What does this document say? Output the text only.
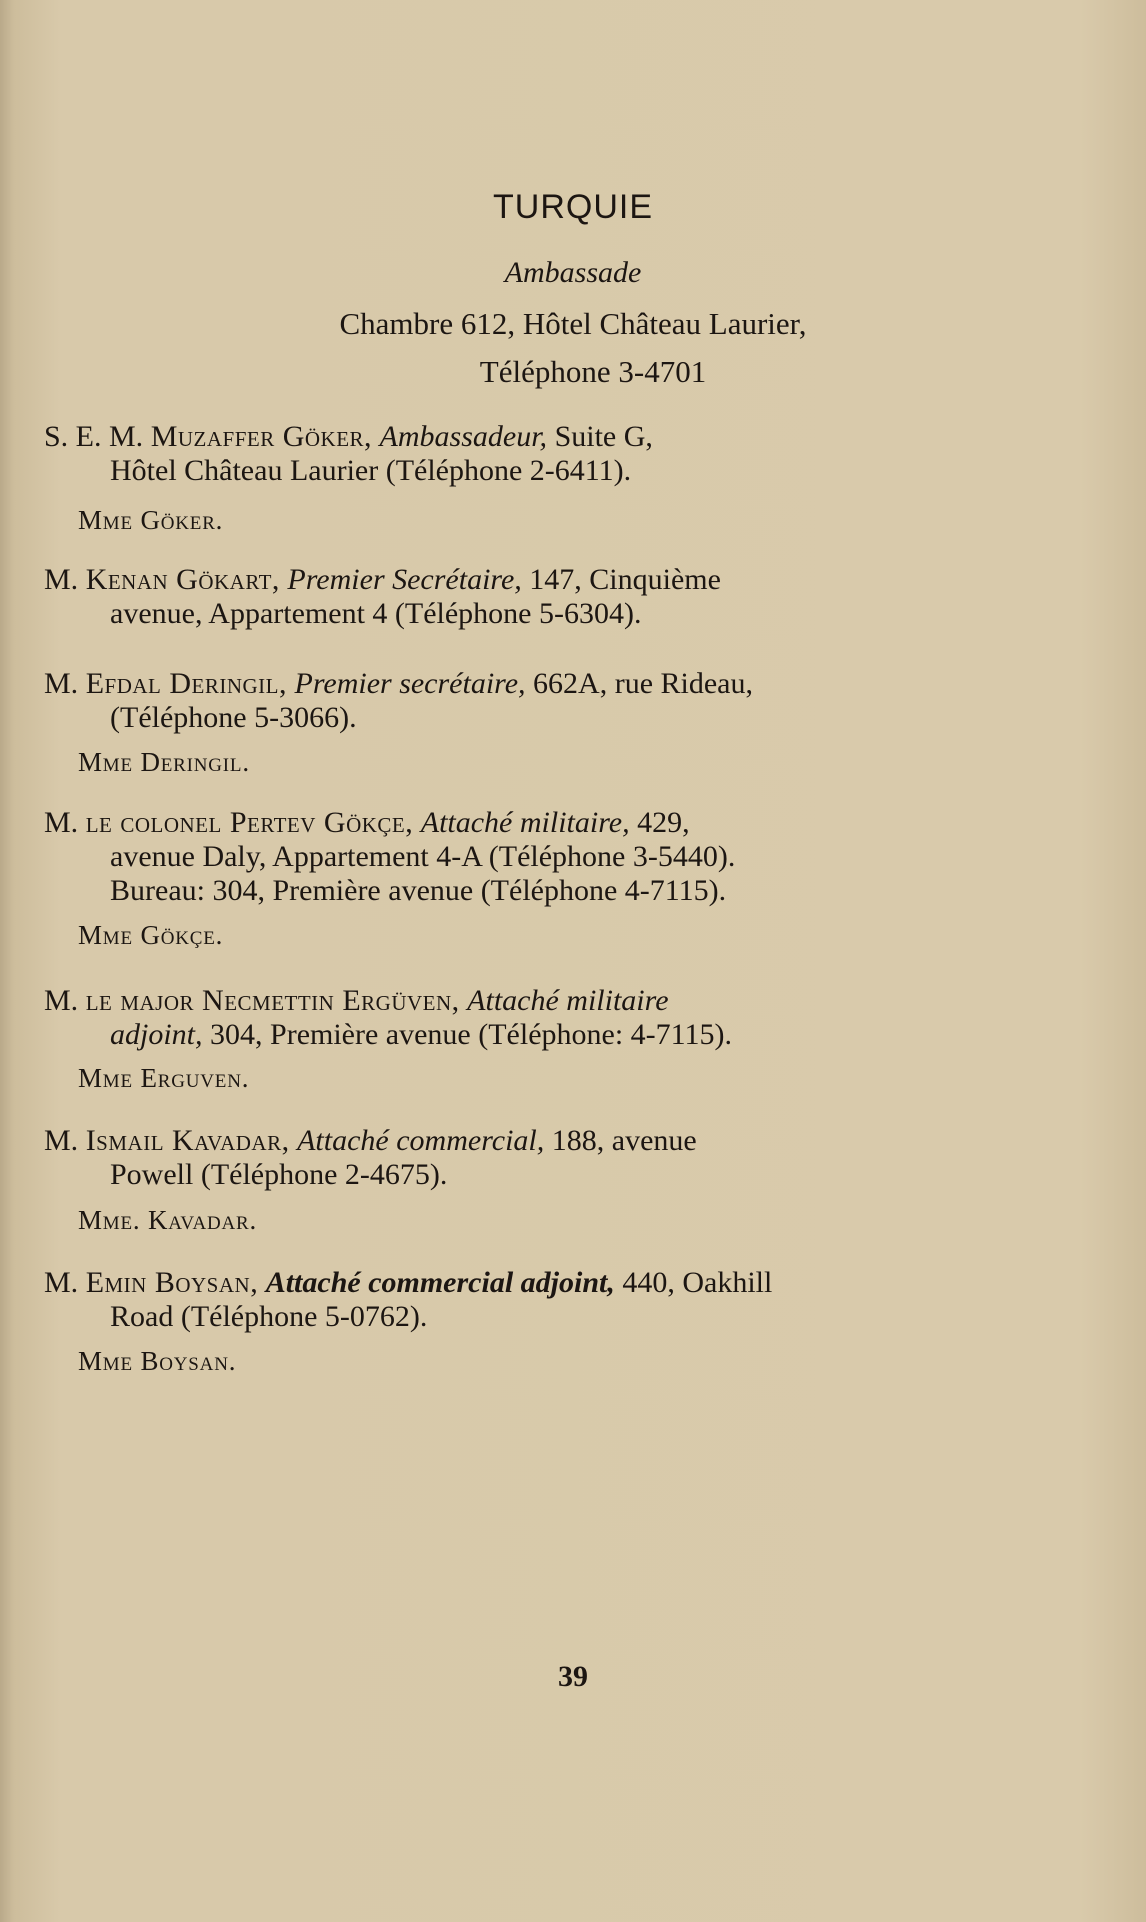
TURQUIE
Ambassade
Chambre 612, Hôtel Château Laurier,
Téléphone 3-4701
S. E. M. Muzaffer Göker, Ambassadeur, Suite G,
Hôtel Château Laurier (Téléphone 2-6411).
Mme Göker.
M. Kenan Gökart, Premier Secrétaire, 147, Cinquième
avenue, Appartement 4 (Téléphone 5-6304).
M. Efdal Deringil, Premier secrétaire, 662A, rue Rideau,
(Téléphone 5-3066).
Mme Deringil.
M. le colonel Pertev Gökçe, Attaché militaire, 429,
avenue Daly, Appartement 4-A (Téléphone 3-5440).
Bureau: 304, Première avenue (Téléphone 4-7115).
Mme Gökçe.
M. le major Necmettin Ergüven, Attaché militaire
adjoint, 304, Première avenue (Téléphone: 4-7115).
Mme Erguven.
M. Ismail Kavadar, Attaché commercial, 188, avenue
Powell (Téléphone 2-4675).
Mme. Kavadar.
M. Emin Boysan, Attaché commercial adjoint, 440, Oakhill
Road (Téléphone 5-0762).
Mme Boysan.
39
